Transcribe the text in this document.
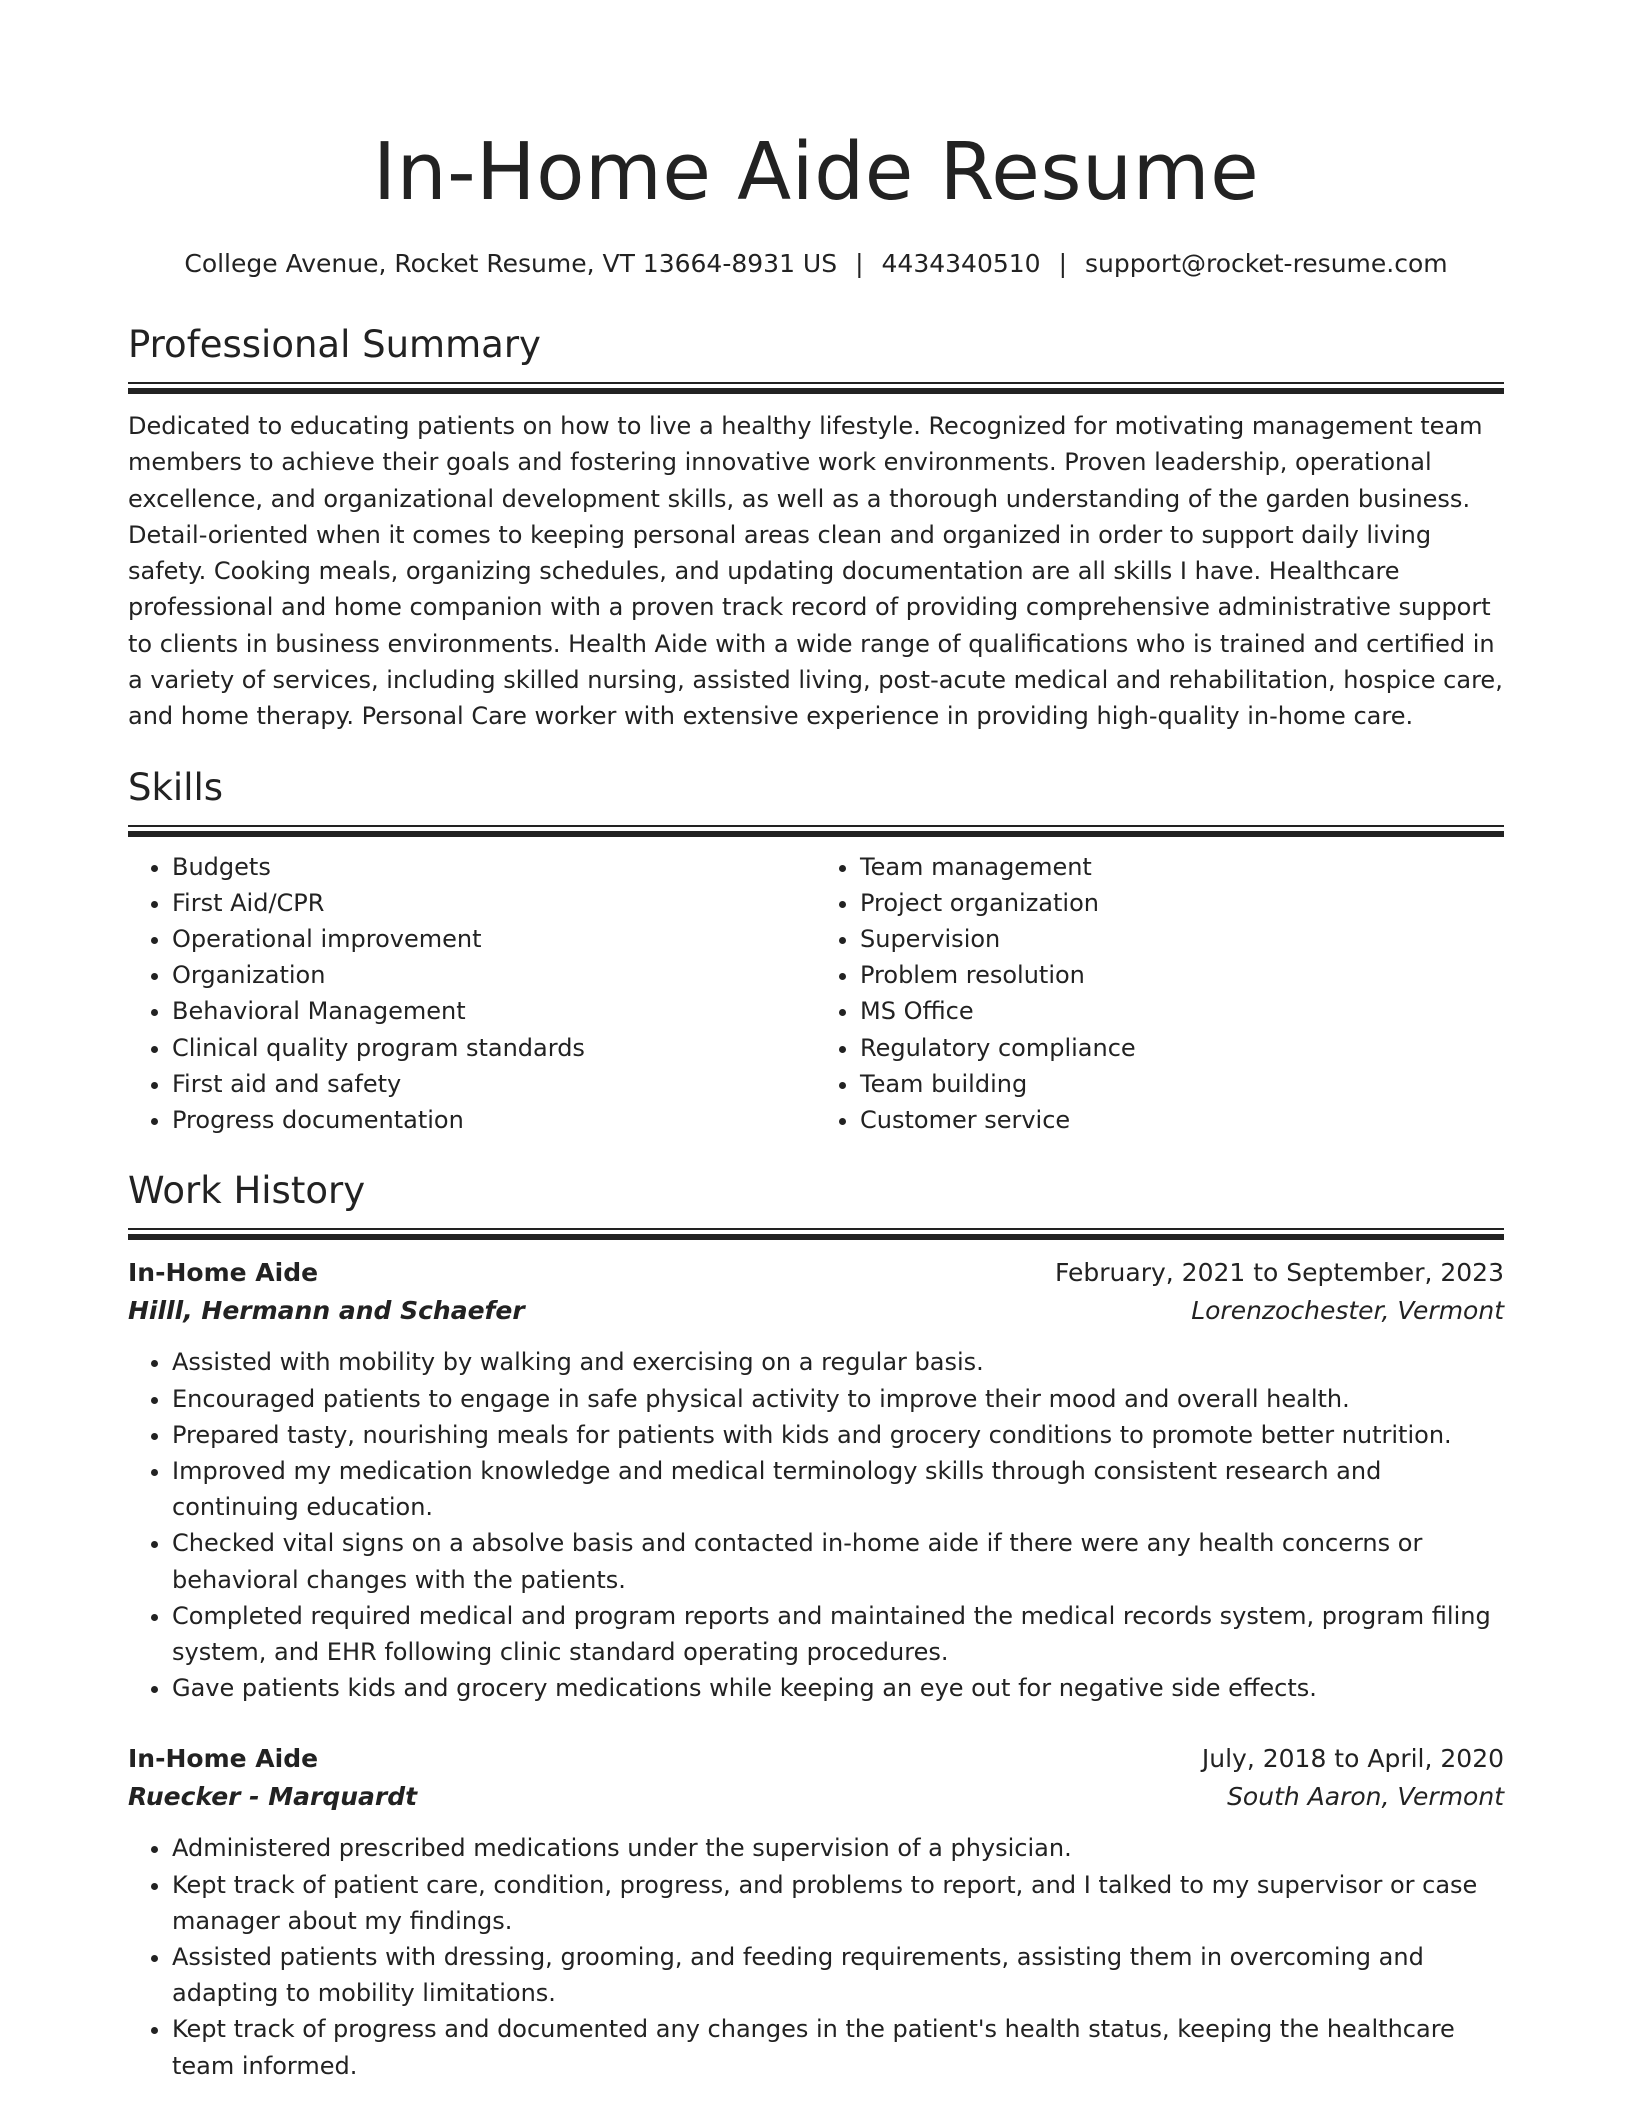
In-Home Aide Resume
College Avenue, Rocket Resume, VT 13664-8931 US | 4434340510 | support@rocket-resume.com
Professional Summary

Dedicated to educating patients on how to live a healthy lifestyle. Recognized for motivating management team members to achieve their goals and fostering innovative work environments. Proven leadership, operational excellence, and organizational development skills, as well as a thorough understanding of the garden business. Detail-oriented when it comes to keeping personal areas clean and organized in order to support daily living safety. Cooking meals, organizing schedules, and updating documentation are all skills I have. Healthcare professional and home companion with a proven track record of providing comprehensive administrative support to clients in business environments. Health Aide with a wide range of qualifications who is trained and certified in a variety of services, including skilled nursing, assisted living, post-acute medical and rehabilitation, hospice care, and home therapy. Personal Care worker with extensive experience in providing high-quality in-home care.

Skills
• Budgets
• First Aid/CPR
• Operational improvement
• Organization
• Behavioral Management
• Clinical quality program standards
• First aid and safety
• Progress documentation
• Team management
• Project organization
• Supervision
• Problem resolution
• MS Office
• Regulatory compliance
• Team building
• Customer service
Work History
In-Home Aide	February, 2021 to September, 2023
Hilll, Hermann and Schaefer	Lorenzochester, Vermont
• Assisted with mobility by walking and exercising on a regular basis.
• Encouraged patients to engage in safe physical activity to improve their mood and overall health.
• Prepared tasty, nourishing meals for patients with kids and grocery conditions to promote better nutrition.
• Improved my medication knowledge and medical terminology skills through consistent research and continuing education.
• Checked vital signs on a absolve basis and contacted in-home aide if there were any health concerns or behavioral changes with the patients.
• Completed required medical and program reports and maintained the medical records system, program filing system, and EHR following clinic standard operating procedures.
• Gave patients kids and grocery medications while keeping an eye out for negative side effects.
In-Home Aide	July, 2018 to April, 2020
Ruecker - Marquardt	South Aaron, Vermont
• Administered prescribed medications under the supervision of a physician.
• Kept track of patient care, condition, progress, and problems to report, and I talked to my supervisor or case manager about my findings.
• Assisted patients with dressing, grooming, and feeding requirements, assisting them in overcoming and adapting to mobility limitations.
• Kept track of progress and documented any changes in the patient's health status, keeping the healthcare team informed.
